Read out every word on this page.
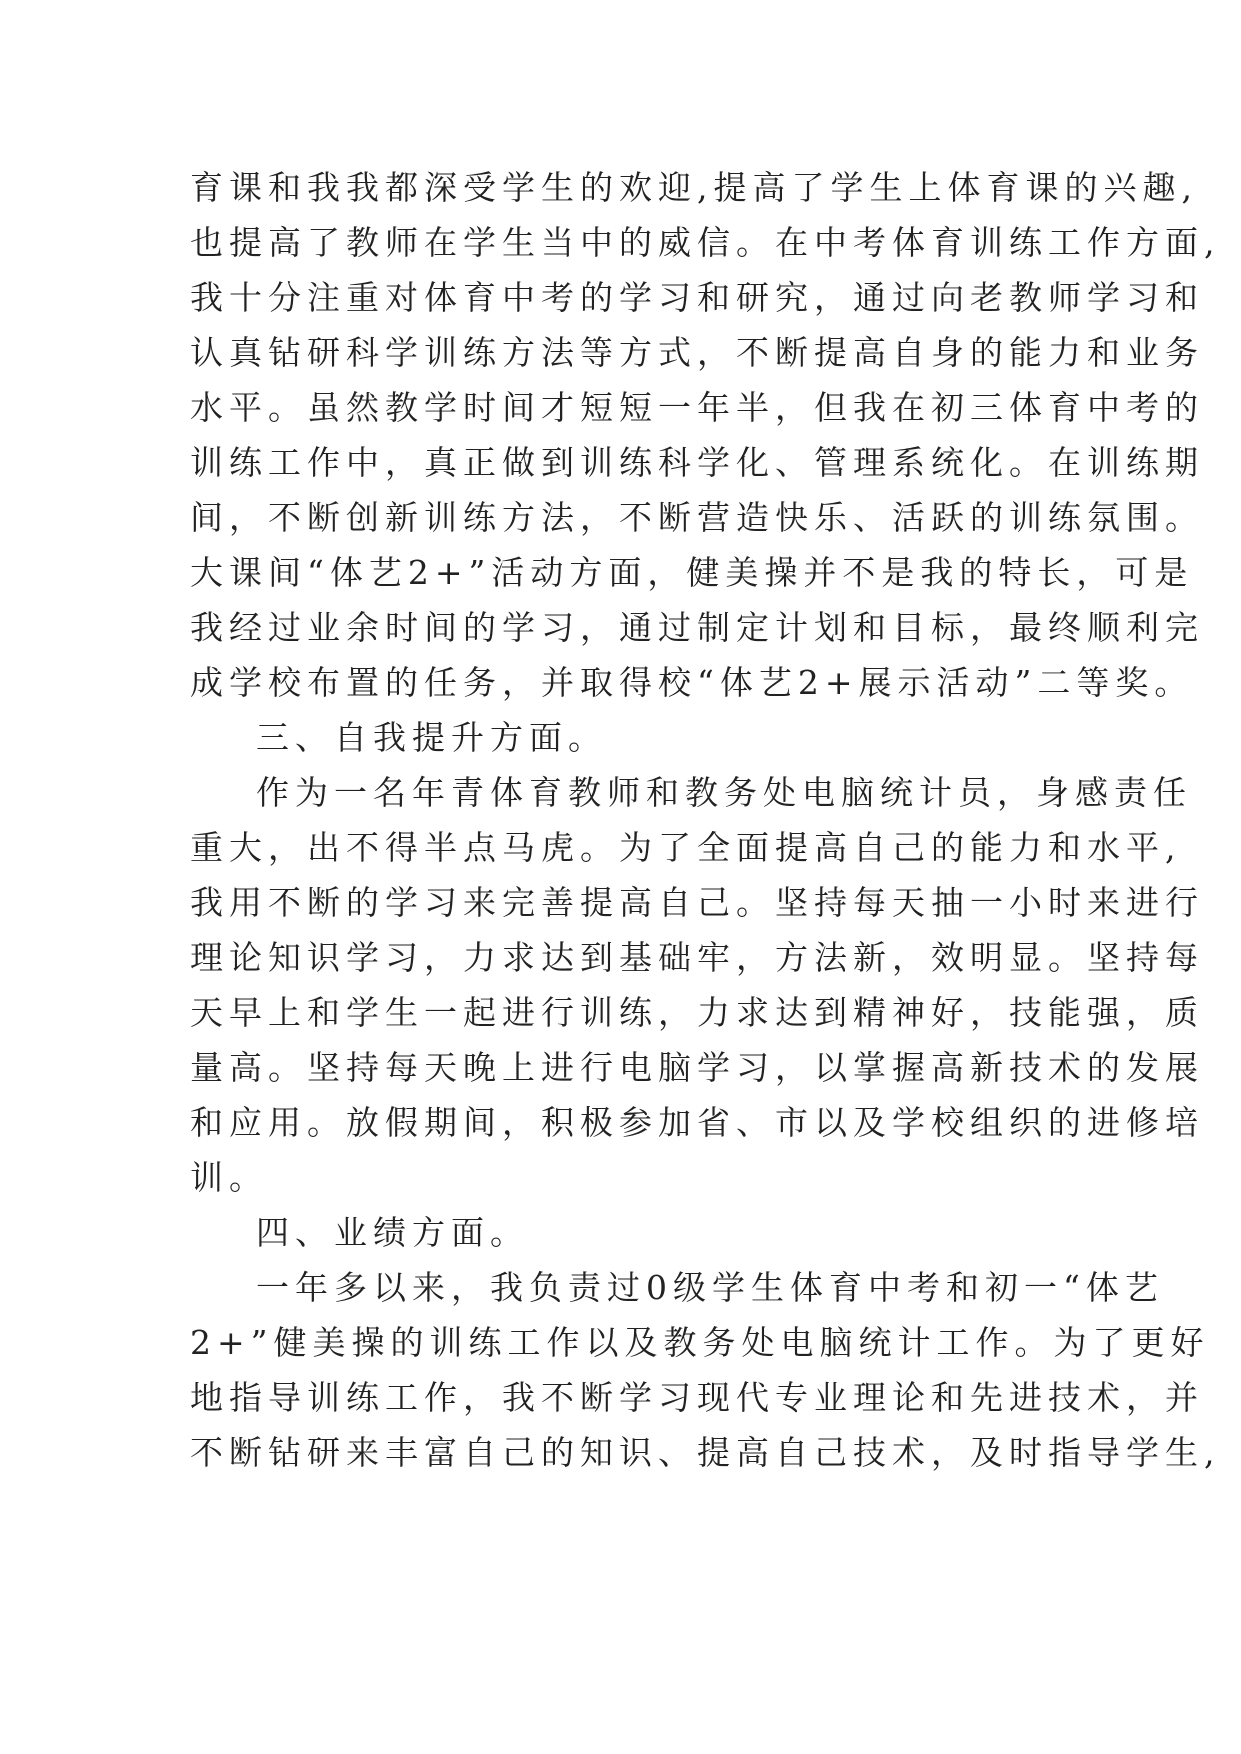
育课和我我都深受学生的欢迎,提高了学生上体育课的兴趣,
也提高了教师在学生当中的威信。在中考体育训练工作方面,
我十分注重对体育中考的学习和研究，通过向老教师学习和
认真钻研科学训练方法等方式，不断提高自身的能力和业务
水平。虽然教学时间才短短一年半，但我在初三体育中考的
训练工作中，真正做到训练科学化、管理系统化。在训练期
间，不断创新训练方法，不断营造快乐、活跃的训练氛围。
大课间“体艺2+”活动方面，健美操并不是我的特长，可是
我经过业余时间的学习，通过制定计划和目标，最终顺利完
成学校布置的任务，并取得校“体艺2+展示活动”二等奖。
三、自我提升方面。
作为一名年青体育教师和教务处电脑统计员，身感责任
重大，出不得半点马虎。为了全面提高自己的能力和水平,
我用不断的学习来完善提高自己。坚持每天抽一小时来进行
理论知识学习，力求达到基础牢，方法新，效明显。坚持每
天早上和学生一起进行训练，力求达到精神好，技能强，质
量高。坚持每天晚上进行电脑学习，以掌握高新技术的发展
和应用。放假期间，积极参加省、市以及学校组织的进修培
训。
四、业绩方面。
一年多以来，我负责过0级学生体育中考和初一“体艺
2+”健美操的训练工作以及教务处电脑统计工作。为了更好
地指导训练工作，我不断学习现代专业理论和先进技术，并
不断钻研来丰富自己的知识、提高自己技术，及时指导学生,
